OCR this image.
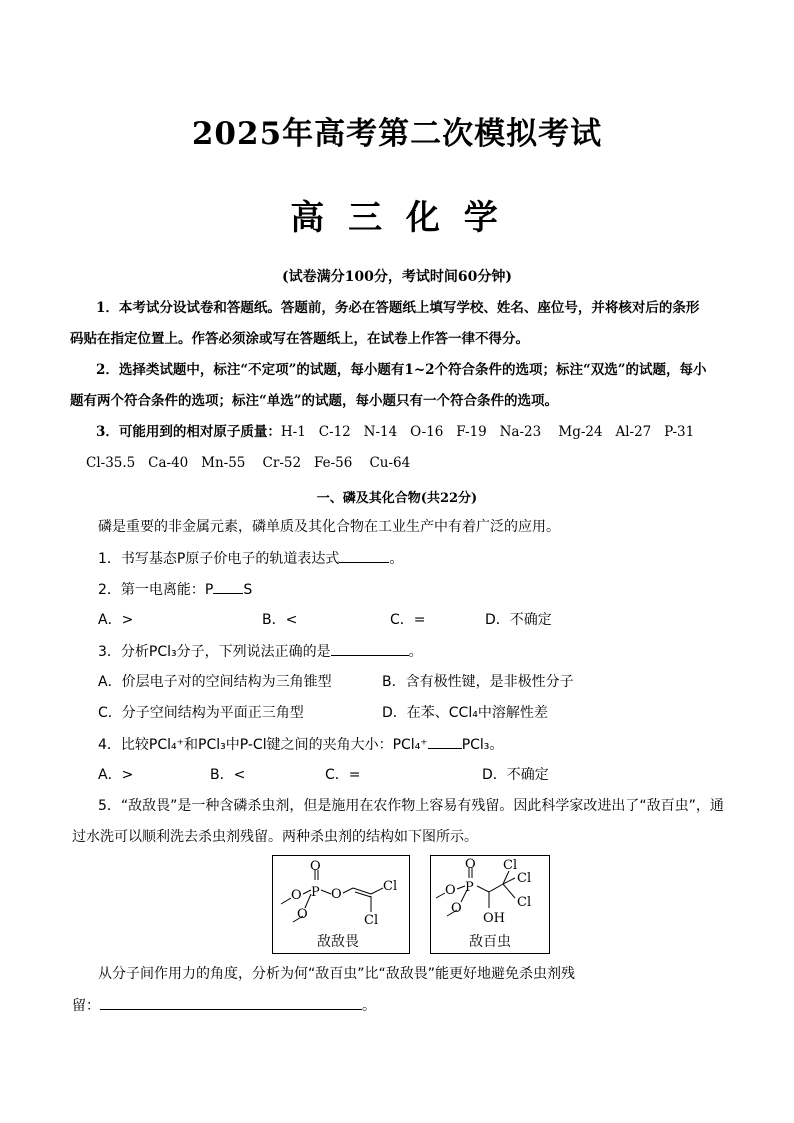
2025年高考第二次模拟考试
高 三 化 学
(试卷满分100分，考试时间60分钟)
1．本考试分设试卷和答题纸。答题前，务必在答题纸上填写学校、姓名、座位号，并将核对后的条形
码贴在指定位置上。作答必须涂或写在答题纸上，在试卷上作答一律不得分。
2．选择类试题中，标注“不定项”的试题，每小题有1~2个符合条件的选项；标注“双选”的试题，每小
题有两个符合条件的选项；标注“单选”的试题，每小题只有一个符合条件的选项。
3．可能用到的相对原子质量：H-1   C-12   N-14   O-16   F-19   Na-23    Mg-24   Al-27   P-31
Cl-35.5   Ca-40   Mn-55    Cr-52   Fe-56    Cu-64
一、磷及其化合物(共22分)
磷是重要的非金属元素，磷单质及其化合物在工业生产中有着广泛的应用。
1．书写基态P原子价电子的轨道表达式	。
2．第一电离能：P S
A．>	B．<	C．=	D．不确定
3．分析PCl₃分子，下列说法正确的是	。
A．价层电子对的空间结构为三角锥型	B．含有极性键，是非极性分子
C．分子空间结构为平面正三角型	D．在苯、CCl₄中溶解性差
4．比较PCl₄⁺和PCl₃中P-Cl键之间的夹角大小：PCl₄⁺ PCl₃。
A．>	B．<	C．=	D．不确定
5．“敌敌畏”是一种含磷杀虫剂，但是施用在农作物上容易有残留。因此科学家改进出了“敌百虫”，通
过水洗可以顺利洗去杀虫剂残留。两种杀虫剂的结构如下图所示。
O
O
P
O
O
Cl
Cl
敌敌畏
O
O
P
O
Cl
Cl
Cl
OH
敌百虫
从分子间作用力的角度，分析为何“敌百虫”比“敌敌畏”能更好地避免杀虫剂残
留：	。
